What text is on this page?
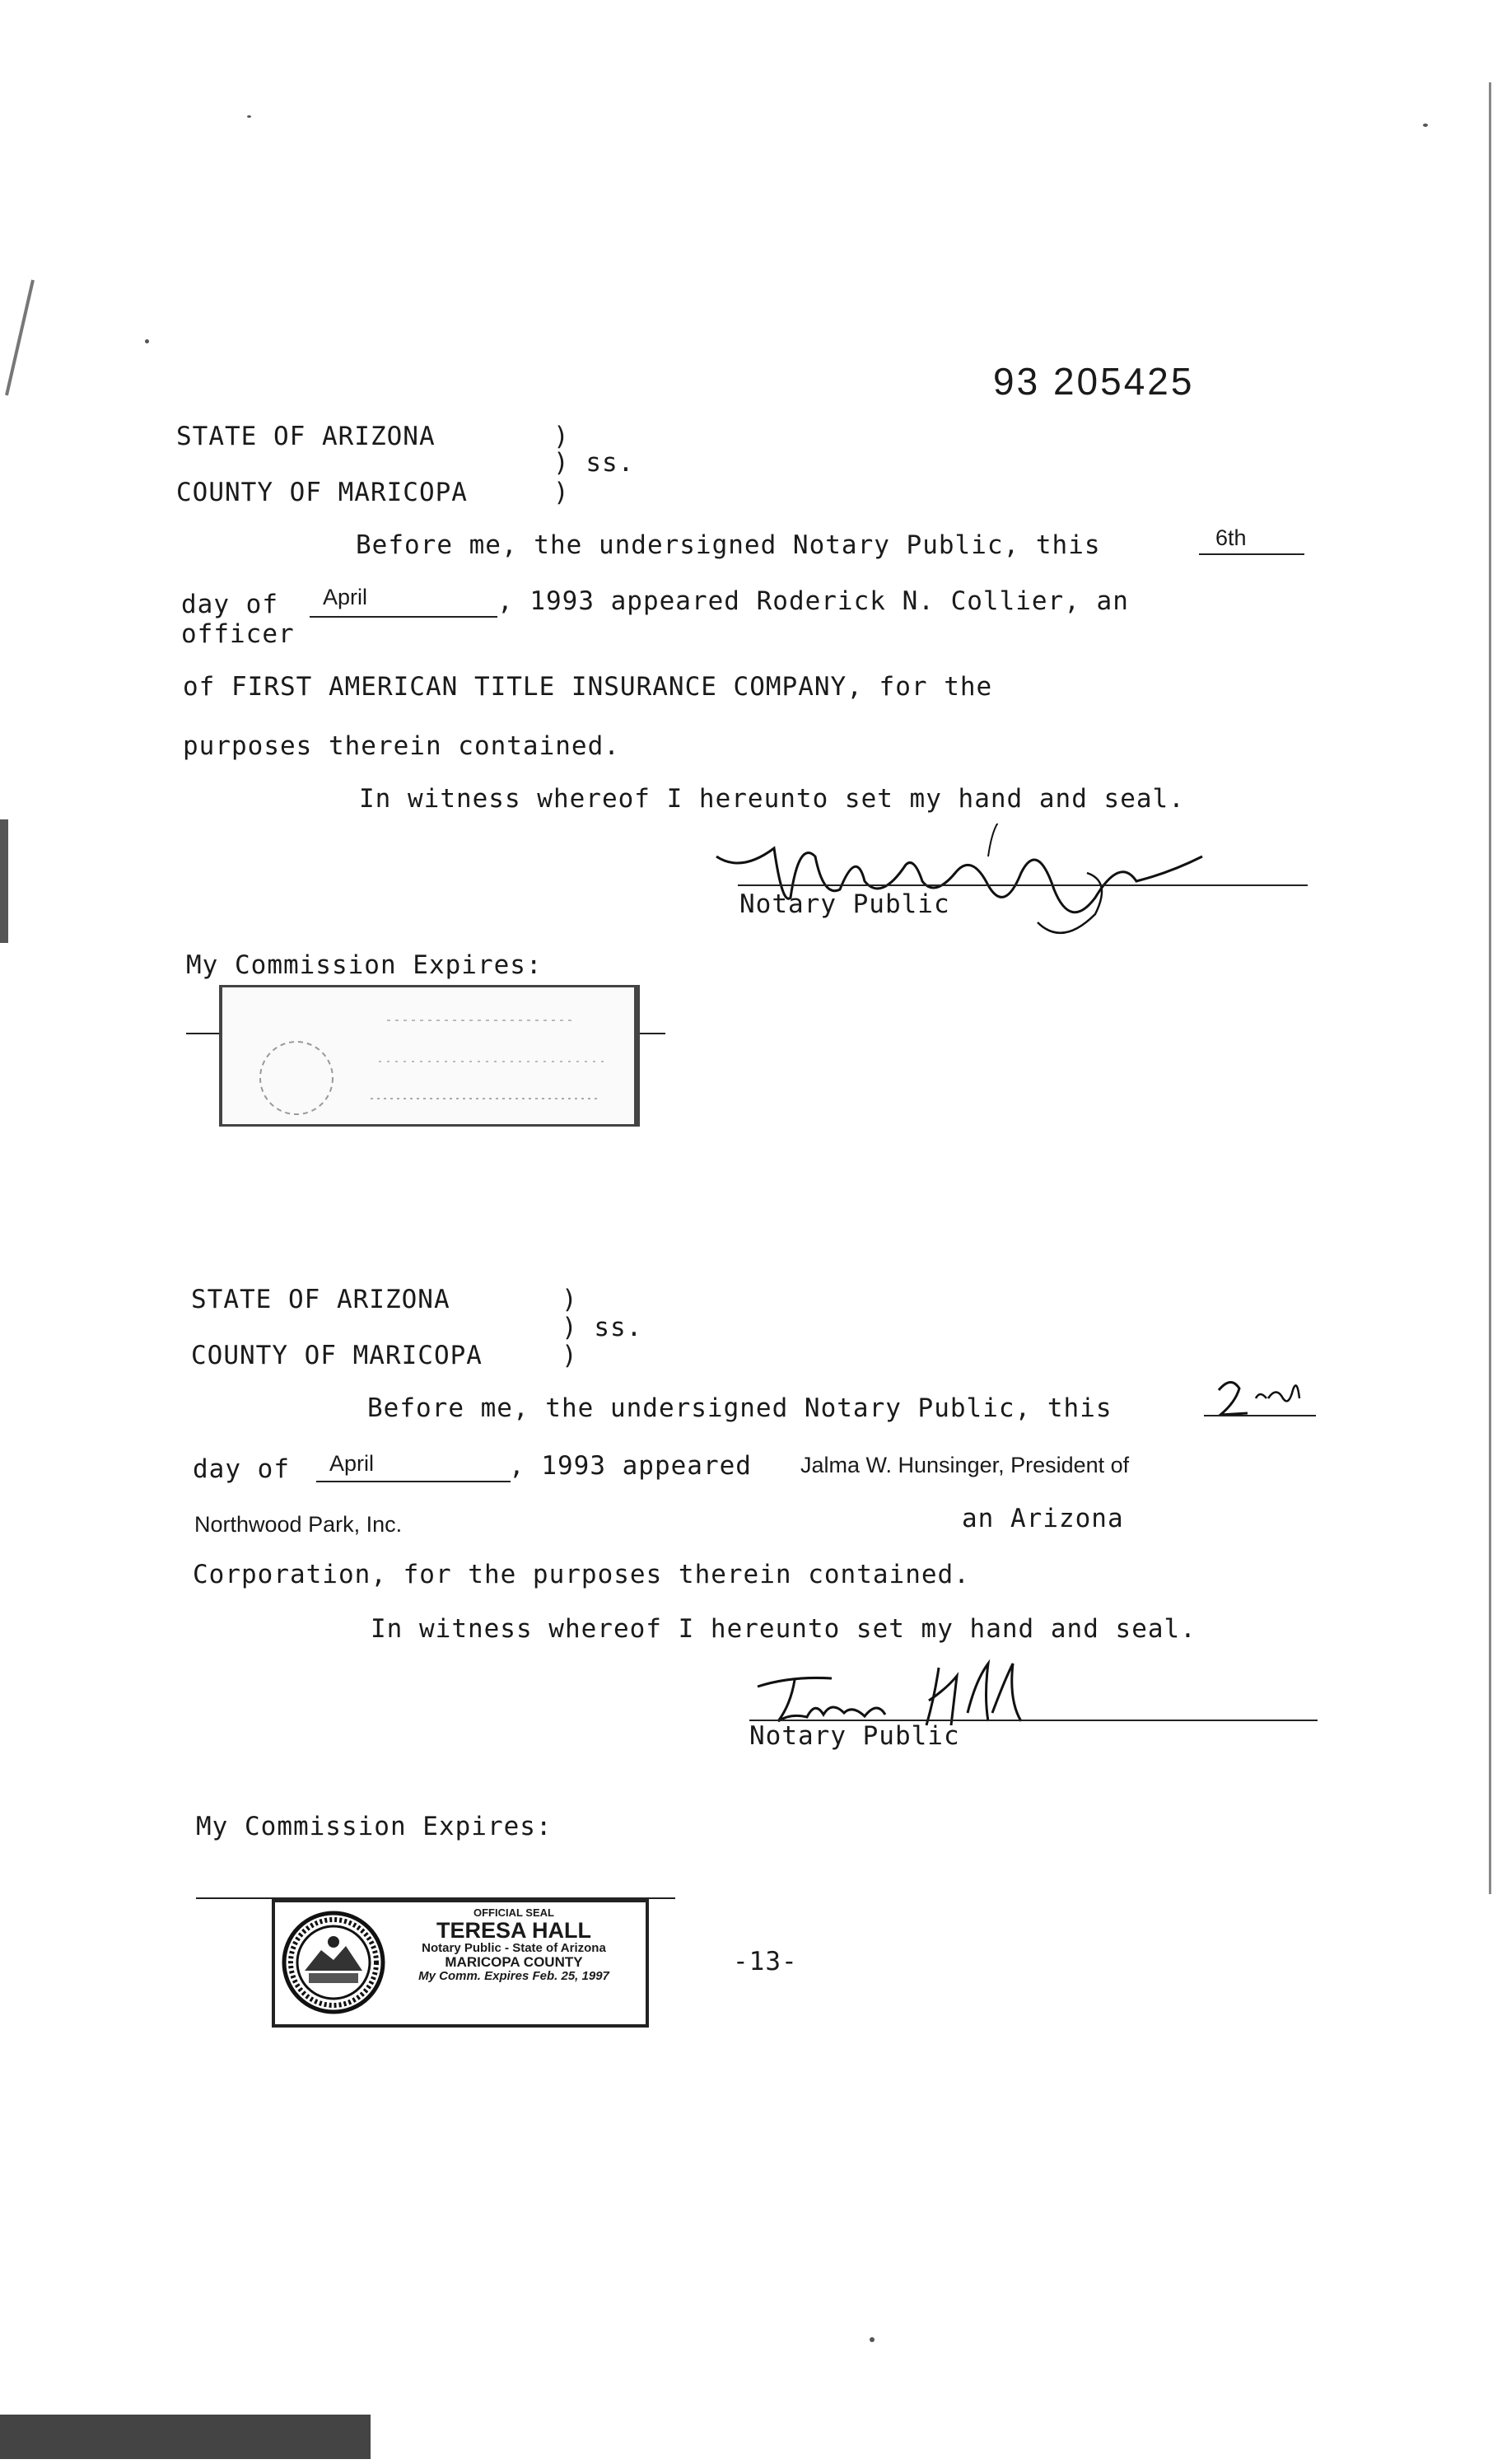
93 205425
STATE OF ARIZONA	)
) ss.
COUNTY OF MARICOPA	)
Before me, the undersigned Notary Public, this	6th
day of April	, 1993 appeared Roderick N. Collier, an
officer
of FIRST AMERICAN TITLE INSURANCE COMPANY, for the
purposes therein contained.
In witness whereof I hereunto set my hand and seal.
Notary Public
My Commission Expires:
STATE OF ARIZONA	)
) ss.
COUNTY OF MARICOPA	)
Before me, the undersigned Notary Public, this
day of April	, 1993 appeared Jalma W. Hunsinger, President of
Northwood Park, Inc.	an Arizona
Corporation, for the purposes therein contained.
In witness whereof I hereunto set my hand and seal.
Notary Public
My Commission Expires:
OFFICIAL SEAL
TERESA HALL
Notary Public - State of Arizona
MARICOPA COUNTY
My Comm. Expires Feb. 25, 1997	-13-
